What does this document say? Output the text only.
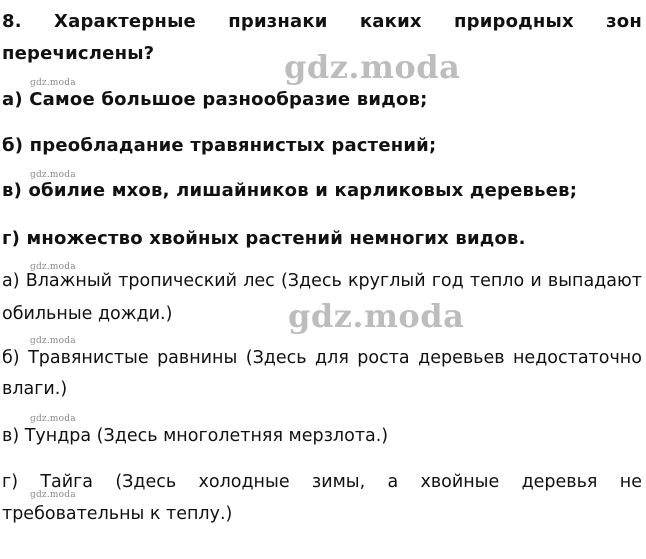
8. Характерные признаки каких природных зон
перечислены?
а) Самое большое разнообразие видов;
б) преобладание травянистых растений;
в) обилие мхов, лишайников и карликовых деревьев;
г) множество хвойных растений немногих видов.
а) Влажный тропический лес (Здесь круглый год тепло и выпадают
обильные дожди.)
б) Травянистые равнины (Здесь для роста деревьев недостаточно
влаги.)
в) Тундра (Здесь многолетняя мерзлота.)
г) Тайга (Здесь холодные зимы, а хвойные деревья не
требовательны к теплу.)
gdz.moda
gdz.moda
gdz.moda
gdz.moda
gdz.moda
gdz.moda
gdz.moda
gdz.moda
